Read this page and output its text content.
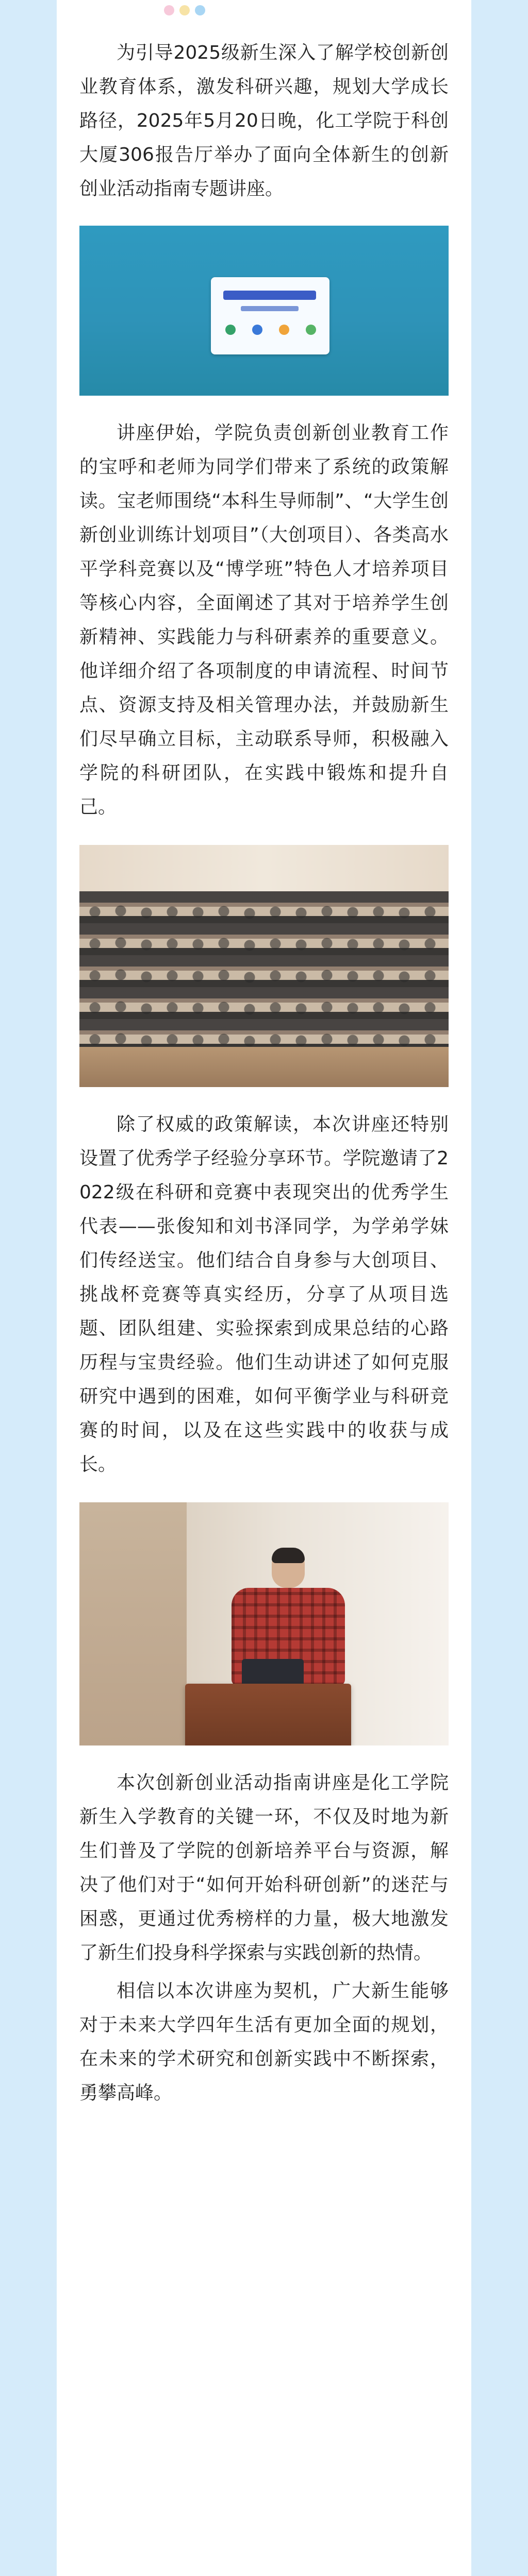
为引导2025级新生深入了解学校创新创业教育体系，激发科研兴趣，规划大学成长路径，2025年5月20日晚，化工学院于科创大厦306报告厅举办了面向全体新生的创新创业活动指南专题讲座。

讲座伊始，学院负责创新创业教育工作的宝呼和老师为同学们带来了系统的政策解读。宝老师围绕“本科生导师制”、“大学生创新创业训练计划项目”（大创项目）、各类高水平学科竞赛以及“博学班”特色人才培养项目等核心内容，全面阐述了其对于培养学生创新精神、实践能力与科研素养的重要意义。他详细介绍了各项制度的申请流程、时间节点、资源支持及相关管理办法，并鼓励新生们尽早确立目标，主动联系导师，积极融入学院的科研团队，在实践中锻炼和提升自己。

除了权威的政策解读，本次讲座还特别设置了优秀学子经验分享环节。学院邀请了2022级在科研和竞赛中表现突出的优秀学生代表——张俊知和刘书泽同学，为学弟学妹们传经送宝。他们结合自身参与大创项目、挑战杯竞赛等真实经历，分享了从项目选题、团队组建、实验探索到成果总结的心路历程与宝贵经验。他们生动讲述了如何克服研究中遇到的困难，如何平衡学业与科研竞赛的时间，以及在这些实践中的收获与成长。

本次创新创业活动指南讲座是化工学院新生入学教育的关键一环，不仅及时地为新生们普及了学院的创新培养平台与资源，解决了他们对于“如何开始科研创新”的迷茫与困惑，更通过优秀榜样的力量，极大地激发了新生们投身科学探索与实践创新的热情。

相信以本次讲座为契机，广大新生能够对于未来大学四年生活有更加全面的规划，在未来的学术研究和创新实践中不断探索，勇攀高峰。
